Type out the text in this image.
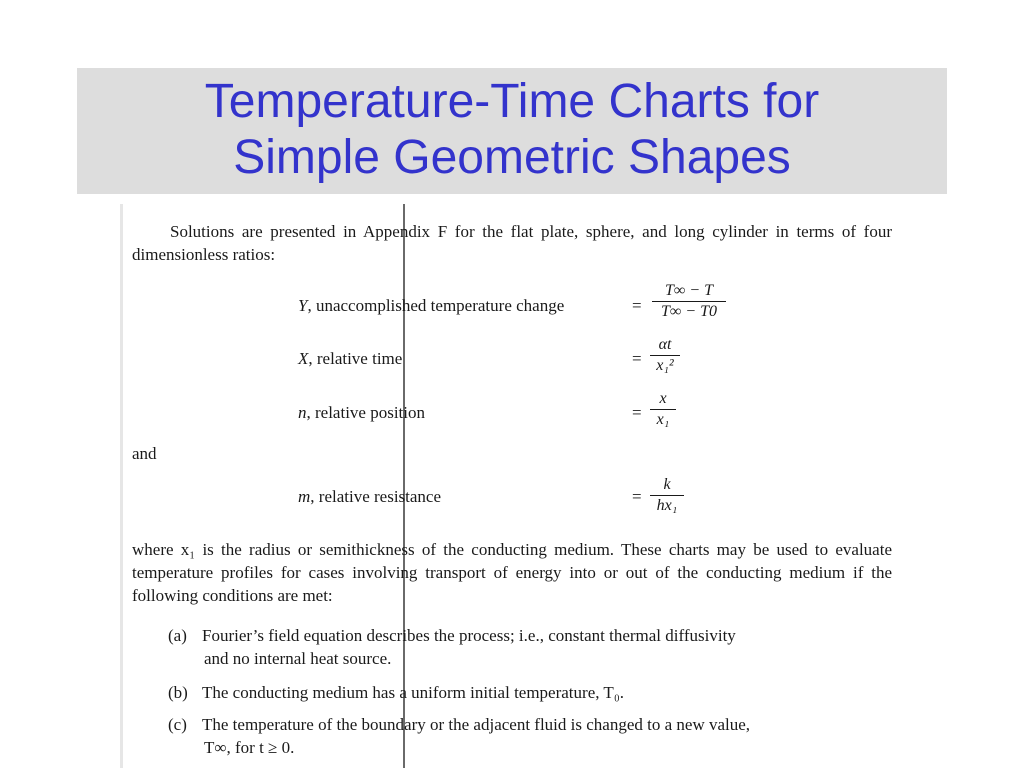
Temperature-Time Charts for
Simple Geometric Shapes

Solutions are presented in Appendix F for the flat plate, sphere, and long cylinder in terms of four dimensionless ratios:

Y, unaccomplished temperature change	=
T∞ − T
T∞ − T0
X, relative time	=
αt
x₁²
n, relative position	=
x
x₁

and

m, relative resistance	=
k
hx₁

where x₁ is the radius or semithickness of the conducting medium. These charts may be used to evaluate temperature profiles for cases involving transport of energy into or out of the conducting medium if the following conditions are met:

(a) Fourier’s field equation describes the process; i.e., constant thermal diffusivity
and no internal heat source.
(b) The conducting medium has a uniform initial temperature, T₀.
(c) The temperature of the boundary or the adjacent fluid is changed to a new value,
T∞, for t ≥ 0.
